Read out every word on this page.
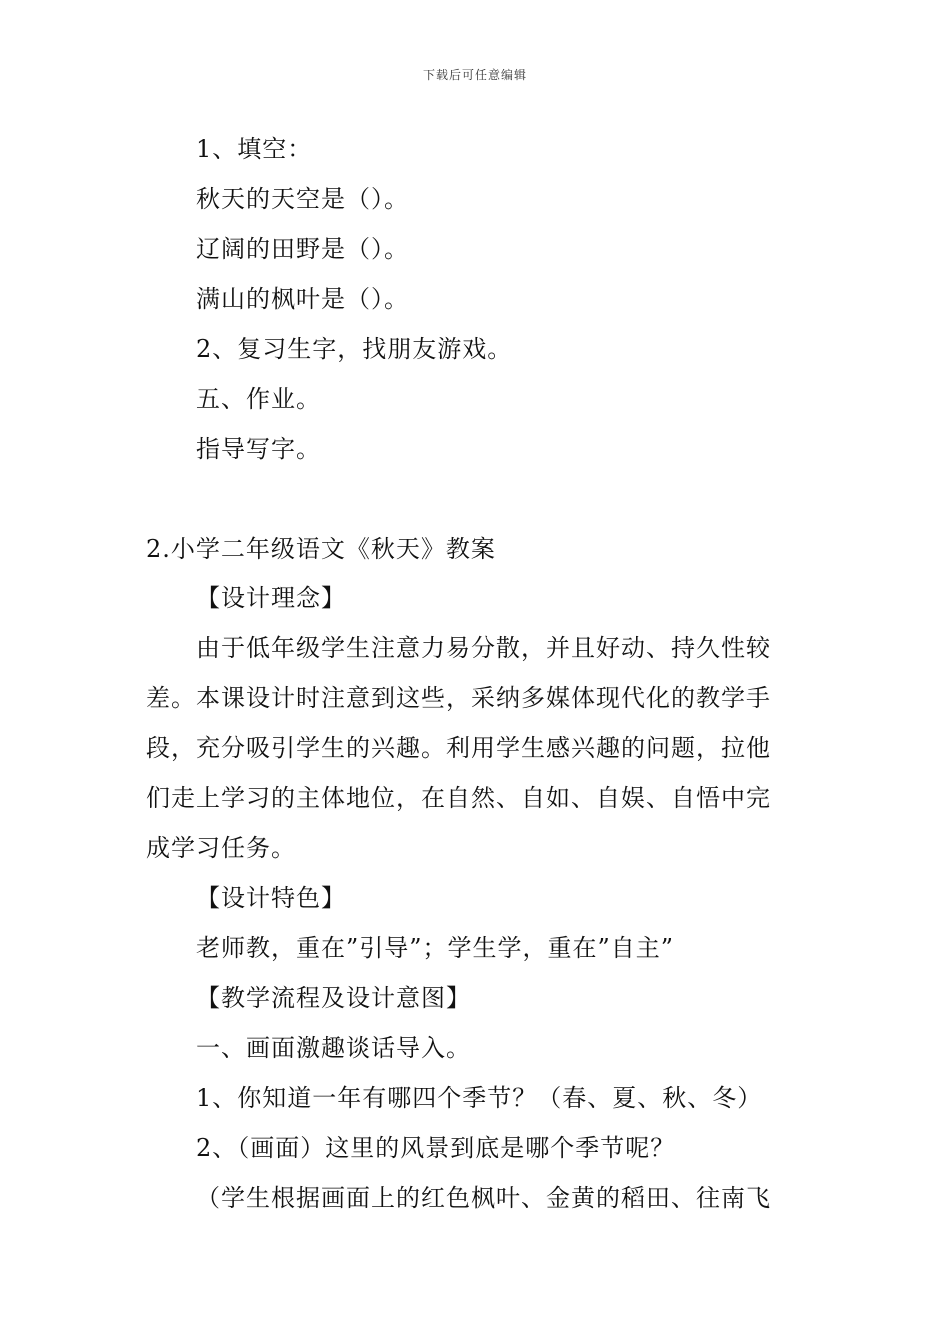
下载后可任意编辑
1、填空：
秋天的天空是（）。
辽阔的田野是（）。
满山的枫叶是（）。
2、复习生字，找朋友游戏。
五、作业。
指导写字。
2.小学二年级语文《秋天》教案
【设计理念】
由于低年级学生注意力易分散，并且好动、持久性较
差。本课设计时注意到这些，采纳多媒体现代化的教学手
段，充分吸引学生的兴趣。利用学生感兴趣的问题，拉他
们走上学习的主体地位，在自然、自如、自娱、自悟中完
成学习任务。
【设计特色】
老师教，重在”引导”；学生学，重在”自主”
【教学流程及设计意图】
一、画面激趣谈话导入。
1、你知道一年有哪四个季节？（春、夏、秋、冬）
2、（画面）这里的风景到底是哪个季节呢？
（学生根据画面上的红色枫叶、金黄的稻田、往南飞
